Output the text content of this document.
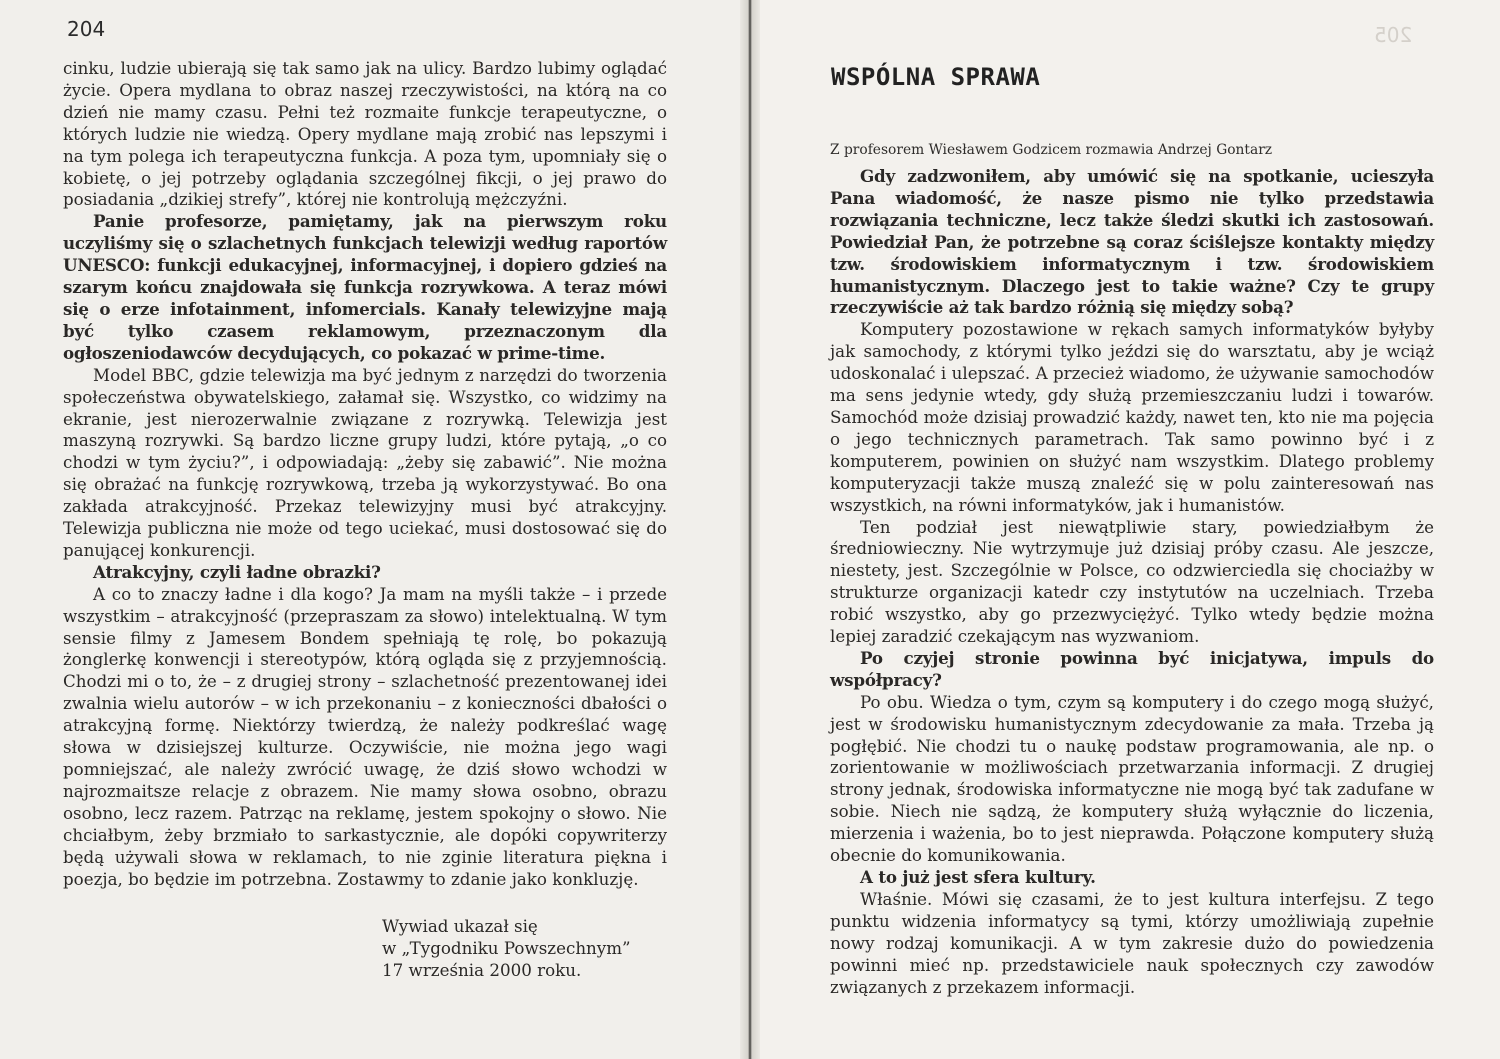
204

cinku, ludzie ubierają się tak samo jak na ulicy. Bardzo lubimy oglądać życie. Opera mydlana to obraz naszej rzeczywistości, na którą na co dzień nie mamy czasu. Pełni też rozmaite funkcje terapeutyczne, o których ludzie nie wiedzą. Opery mydlane mają zrobić nas lepszymi i na tym polega ich terapeutyczna funkcja. A poza tym, upomniały się o kobietę, o jej potrzeby oglądania szczególnej fikcji, o jej prawo do posiadania „dzikiej strefy”, której nie kontrolują mężczyźni.

Panie profesorze, pamiętamy, jak na pierwszym roku uczyliśmy się o szlachetnych funkcjach telewizji według raportów UNESCO: funkcji edukacyjnej, informacyjnej, i dopiero gdzieś na szarym końcu znajdowała się funkcja rozrywkowa. A teraz mówi się o erze infotainment, infomercials. Kanały telewizyjne mają być tylko czasem reklamowym, przeznaczonym dla ogłoszeniodawców decydujących, co pokazać w prime-time.

Model BBC, gdzie telewizja ma być jednym z narzędzi do tworzenia społeczeństwa obywatelskiego, załamał się. Wszystko, co widzimy na ekranie, jest nierozerwalnie związane z rozrywką. Telewizja jest maszyną rozrywki. Są bardzo liczne grupy ludzi, które pytają, „o co chodzi w tym życiu?”, i odpowiadają: „żeby się zabawić”. Nie można się obrażać na funkcję rozrywkową, trzeba ją wykorzystywać. Bo ona zakłada atrakcyjność. Przekaz telewizyjny musi być atrakcyjny. Telewizja publiczna nie może od tego uciekać, musi dostosować się do panującej konkurencji.

Atrakcyjny, czyli ładne obrazki?

A co to znaczy ładne i dla kogo? Ja mam na myśli także – i przede wszystkim – atrakcyjność (przepraszam za słowo) intelektualną. W tym sensie filmy z Jamesem Bondem spełniają tę rolę, bo pokazują żonglerkę konwencji i stereotypów, którą ogląda się z przyjemnością. Chodzi mi o to, że – z drugiej strony – szlachetność prezentowanej idei zwalnia wielu autorów – w ich przekonaniu – z konieczności dbałości o atrakcyjną formę. Niektórzy twierdzą, że należy podkreślać wagę słowa w dzisiejszej kulturze. Oczywiście, nie można jego wagi pomniejszać, ale należy zwrócić uwagę, że dziś słowo wchodzi w najrozmaitsze relacje z obrazem. Nie mamy słowa osobno, obrazu osobno, lecz razem. Patrząc na reklamę, jestem spokojny o słowo. Nie chciałbym, żeby brzmiało to sarkastycznie, ale dopóki copywriterzy będą używali słowa w reklamach, to nie zginie literatura piękna i poezja, bo będzie im potrzebna. Zostawmy to zdanie jako konkluzję.

Wywiad ukazał się
w „Tygodniku Powszechnym”
17 września 2000 roku.
205
WSPÓLNA SPRAWA
Z profesorem Wiesławem Godzicem rozmawia Andrzej Gontarz

Gdy zadzwoniłem, aby umówić się na spotkanie, ucieszyła Pana wiadomość, że nasze pismo nie tylko przedstawia rozwiązania techniczne, lecz także śledzi skutki ich zastosowań. Powiedział Pan, że potrzebne są coraz ściślejsze kontakty między tzw. środowiskiem informatycznym i tzw. środowiskiem humanistycznym. Dlaczego jest to takie ważne? Czy te grupy rzeczywiście aż tak bardzo różnią się między sobą?

Komputery pozostawione w rękach samych informatyków byłyby jak samochody, z którymi tylko jeździ się do warsztatu, aby je wciąż udoskonalać i ulepszać. A przecież wiadomo, że używanie samochodów ma sens jedynie wtedy, gdy służą przemieszczaniu ludzi i towarów. Samochód może dzisiaj prowadzić każdy, nawet ten, kto nie ma pojęcia o jego technicznych parametrach. Tak samo powinno być i z komputerem, powinien on służyć nam wszystkim. Dlatego problemy komputeryzacji także muszą znaleźć się w polu zainteresowań nas wszystkich, na równi informatyków, jak i humanistów.

Ten podział jest niewątpliwie stary, powiedziałbym że średniowieczny. Nie wytrzymuje już dzisiaj próby czasu. Ale jeszcze, niestety, jest. Szczególnie w Polsce, co odzwierciedla się chociażby w strukturze organizacji katedr czy instytutów na uczelniach. Trzeba robić wszystko, aby go przezwyciężyć. Tylko wtedy będzie można lepiej zaradzić czekającym nas wyzwaniom.

Po czyjej stronie powinna być inicjatywa, impuls do współpracy?

Po obu. Wiedza o tym, czym są komputery i do czego mogą służyć, jest w środowisku humanistycznym zdecydowanie za mała. Trzeba ją pogłębić. Nie chodzi tu o naukę podstaw programowania, ale np. o zorientowanie w możliwościach przetwarzania informacji. Z drugiej strony jednak, środowiska informatyczne nie mogą być tak zadufane w sobie. Niech nie sądzą, że komputery służą wyłącznie do liczenia, mierzenia i ważenia, bo to jest nieprawda. Połączone komputery służą obecnie do komunikowania.

A to już jest sfera kultury.

Właśnie. Mówi się czasami, że to jest kultura interfejsu. Z tego punktu widzenia informatycy są tymi, którzy umożliwiają zupełnie nowy rodzaj komunikacji. A w tym zakresie dużo do powiedzenia powinni mieć np. przedstawiciele nauk społecznych czy zawodów związanych z przekazem informacji.
